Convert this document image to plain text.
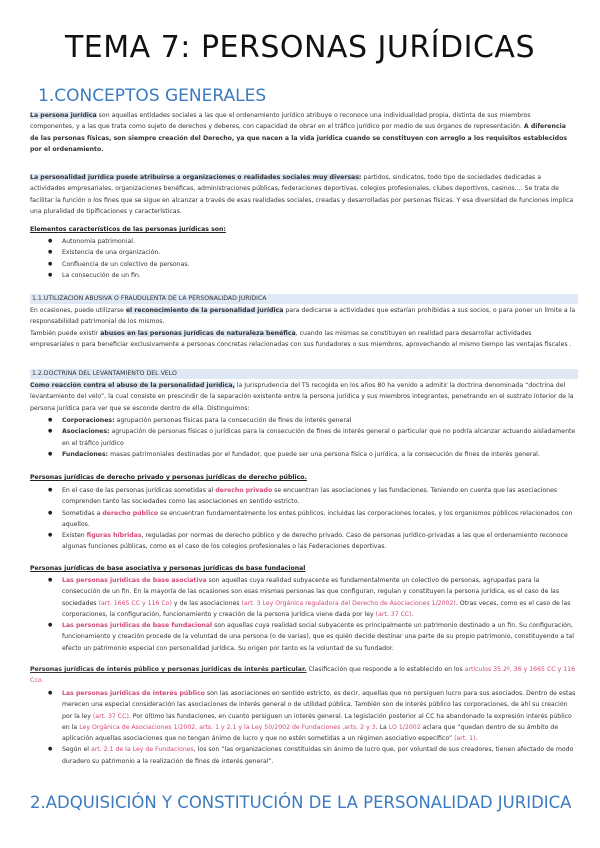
TEMA 7: PERSONAS JURÍDICAS
1.CONCEPTOS GENERALES
La persona jurídica son aquellas entidades sociales a las que el ordenamiento jurídico atribuye o reconoce una individualidad propia, distinta de sus miembros componentes, y a las que trata como sujeto de derechos y deberes, con capacidad de obrar en el tráfico jurídico por medio de sus órganos de representación. A diferencia de las personas físicas, son siempre creación del Derecho, ya que nacen a la vida jurídica cuando se constituyen con arreglo a los requisitos establecidos por el ordenamiento.
La personalidad jurídica puede atribuirse a organizaciones o realidades sociales muy diversas: partidos, sindicatos, todo tipo de sociedades dedicadas a actividades empresariales, organizaciones benéficas, administraciones públicas, federaciones deportivas, colegios profesionales, clubes deportivos, casinos.... Se trata de facilitar la función o los fines que se sigue en alcanzar a través de esas realidades sociales, creadas y desarrolladas por personas físicas. Y esa diversidad de funciones implica una pluralidad de tipificaciones y características.
Elementos característicos de las personas jurídicas son:
● Autonomía patrimonial.
● Existencia de una organización.
● Confluencia de un colectivo de personas.
● La consecución de un fin.
1.1.UTILIZACION ABUSIVA O FRAUDULENTA DE LA PERSONALIDAD JURIDICA
En ocasiones, puede utilizarse el reconocimiento de la personalidad jurídica para dedicarse a actividades que estarían prohibidas a sus socios, o para poner un límite a la responsabilidad patrimonial de los mismos.
También puede existir abusos en las personas jurídicas de naturaleza benéfica, cuando las mismas se constituyen en realidad para desarrollar actividades empresariales o para beneficiar exclusivamente a personas concretas relacionadas con sus fundadores o sus miembros, aprovechando al mismo tiempo las ventajas fiscales .
1.2.DOCTRINA DEL LEVANTAMIENTO DEL VELO
Como reacción contra el abuso de la personalidad jurídica, la Jurisprudencia del TS recogida en los años 80 ha venido a admitir la doctrina denominada “doctrina del levantamiento del velo”, la cual consiste en prescindir de la separación existente entre la persona jurídica y sus miembros integrantes, penetrando en el sustrato interior de la persona jurídica para ver que se esconde dentro de ella. Distinguimos:
● Corporaciones: agrupación personas físicas para la consecución de fines de interés general
● Asociaciones: agrupación de personas físicas o jurídicas para la consecución de fines de interés general o particular que no podría alcanzar actuando aisladamente en el tráfico jurídico
● Fundaciones: masas patrimoniales destinadas por el fundador, que puede ser una persona física o jurídica, a la consecución de fines de interés general.
Personas jurídicas de derecho privado y personas jurídicas de derecho público.
● En el caso de las personas jurídicas sometidas al derecho privado se encuentran las asociaciones y las fundaciones. Teniendo en cuenta que las asociaciones comprenden tanto las sociedades como las asociaciones en sentido estricto.
● Sometidas a derecho público se encuentran fundamentalmente los entes públicos, incluidas las corporaciones locales, y los organismos públicos relacionados con aquellos.
● Existen figuras híbridas, reguladas por normas de derecho público y de derecho privado. Caso de personas jurídico-privadas a las que el ordenamiento reconoce algunas funciones públicas, como es el caso de los colegios profesionales o las Federaciones deportivas.
Personas jurídicas de base asociativa y personas jurídicas de base fundacional
● Las personas jurídicas de base asociativa son aquellas cuya realidad subyacente es fundamentalmente un colectivo de personas, agrupadas para la consecución de un fin. En la mayoría de las ocasiones son esas mismas personas las que configuran, regulan y constituyen la persona jurídica, es el caso de las sociedades (art. 1665 CC y 116 Co) y de las asociaciones (art. 3 Ley Orgánica reguladora del Derecho de Asociaciones 1/2002). Otras veces, como es el caso de las corporaciones, la configuración, funcionamiento y creación de la persona jurídica viene dada por ley (art. 37 CC).
● Las personas jurídicas de base fundacional son aquellas cuya realidad social subyacente es principalmente un patrimonio destinado a un fin. Su configuración, funcionamiento y creación procede de la voluntad de una persona (o de varias), que es quién decide destinar una parte de su propio patrimonio, constituyendo a tal efecto un patrimonio especial con personalidad jurídica. Su origen por tanto es la voluntad de su fundador.
Personas jurídicas de interés público y personas jurídicas de interés particular. Clasificación que responde a lo establecido en los artículos 35.2º, 36 y 1665 CC y 116 Cco.
● Las personas jurídicas de interés público son las asociaciones en sentido estricto, es decir, aquellas que no persiguen lucro para sus asociados. Dentro de estas merecen una especial consideración las asociaciones de interés general o de utilidad pública. También son de interés público las corporaciones, de ahí su creación por la ley (art. 37 CC). Por último las fundaciones, en cuanto persiguen un interés general. La legislación posterior al CC ha abandonado la expresión interés público en la Ley Orgánica de Asociaciones 1/2002, arts. 1 y 2.1 y la Ley 50/2002 de Fundaciones ,arts. 2 y 3. La LO 1/2002 aclara que “quedan dentro de su ámbito de aplicación aquellas asociaciones que no tengan ánimo de lucro y que no estén sometidas a un régimen asociativo específico” (art. 1).
● Según el art. 2.1 de la Ley de Fundaciones, los son “las organizaciones constituidas sin ánimo de lucro que, por voluntad de sus creadores, tienen afectado de modo duradero su patrimonio a la realización de fines de interés general”.
2.ADQUISICIÓN Y CONSTITUCIÓN DE LA PERSONALIDAD JURIDICA
